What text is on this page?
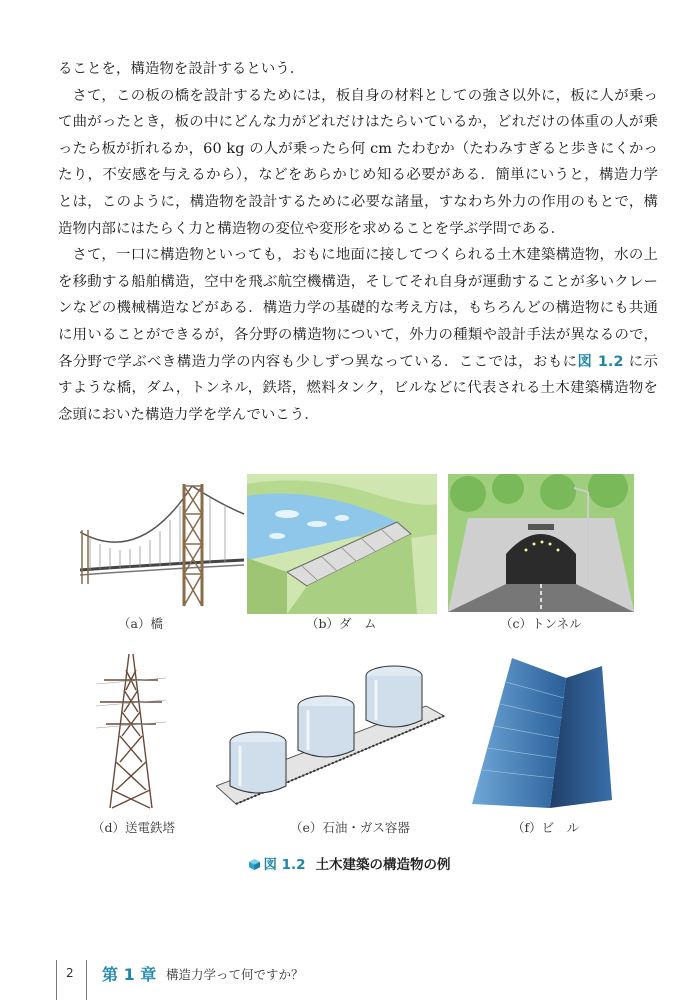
ることを，構造物を設計するという．

さて，この板の橋を設計するためには，板自身の材料としての強さ以外に，板に人が乗って曲がったとき，板の中にどんな力がどれだけはたらいているか，どれだけの体重の人が乗ったら板が折れるか，60 kg の人が乗ったら何 cm たわむか（たわみすぎると歩きにくかったり，不安感を与えるから），などをあらかじめ知る必要がある．簡単にいうと，構造力学とは，このように，構造物を設計するために必要な諸量，すなわち外力の作用のもとで，構造物内部にはたらく力と構造物の変位や変形を求めることを学ぶ学問である．

さて，一口に構造物といっても，おもに地面に接してつくられる土木建築構造物，水の上を移動する船舶構造，空中を飛ぶ航空機構造，そしてそれ自身が運動することが多いクレーンなどの機械構造などがある．構造力学の基礎的な考え方は，もちろんどの構造物にも共通に用いることができるが，各分野の構造物について，外力の種類や設計手法が異なるので，各分野で学ぶべき構造力学の内容も少しずつ異なっている．ここでは，おもに図 1.2 に示すような橋，ダム，トンネル，鉄塔，燃料タンク，ビルなどに代表される土木建築構造物を念頭においた構造力学を学んでいこう．

（a）橋	（b）ダ　ム	（c）トンネル
（d）送電鉄塔	（e）石油・ガス容器	（f）ビ　ル
図 1.2 土木建築の構造物の例
2 第 1 章 構造力学って何ですか？
